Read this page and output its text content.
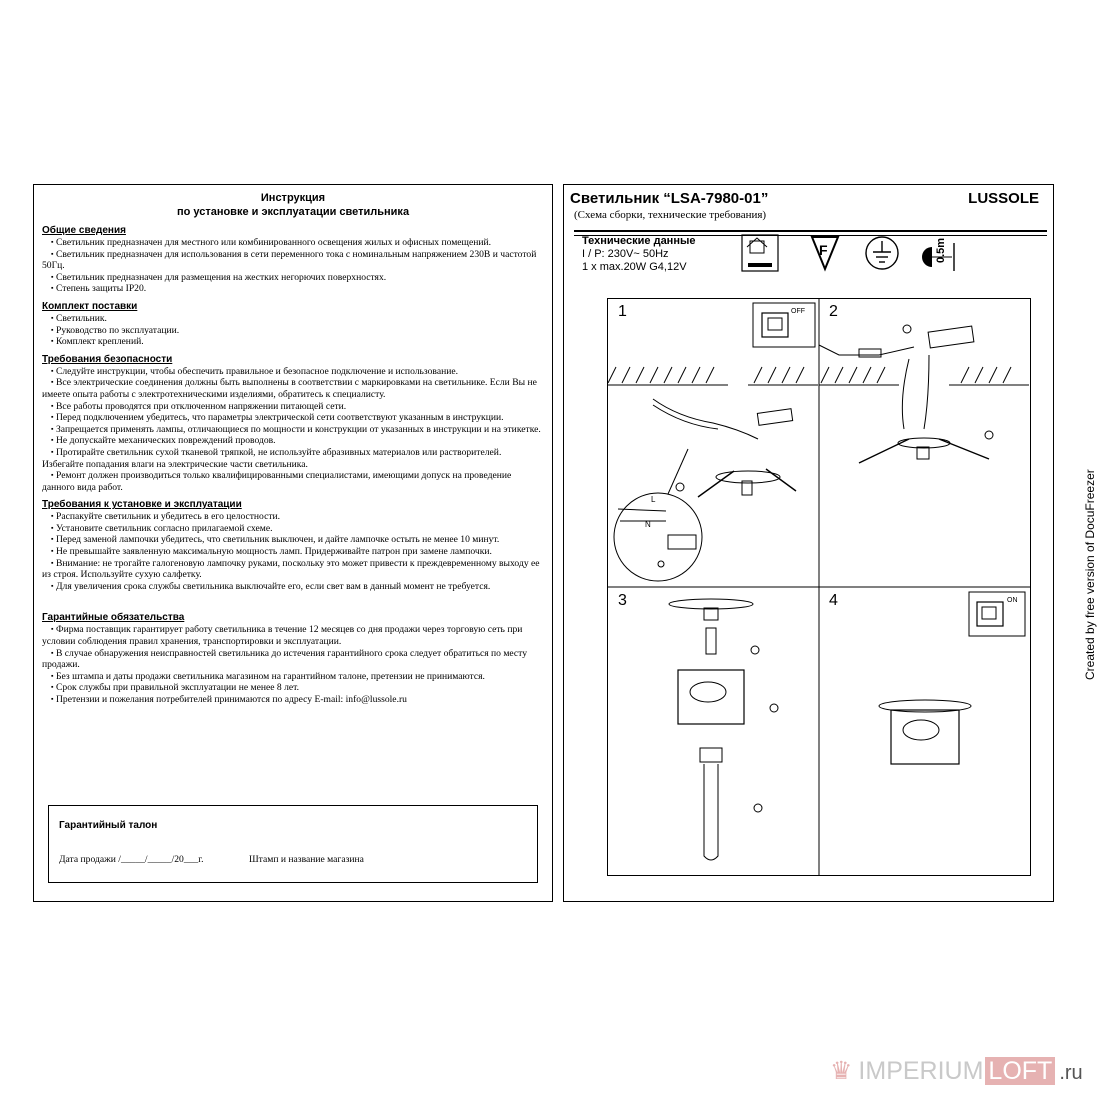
Инструкция
по установке и эксплуатации светильника
Общие сведения
▪ Светильник предназначен для местного или комбинированного освещения жилых и офисных помещений.
▪ Светильник предназначен для использования в сети переменного тока с номинальным напряжением 230В и частотой 50Гц.
▪ Светильник предназначен для размещения на жестких негорючих поверхностях.
▪ Степень защиты IP20.
Комплект поставки
▪ Светильник.
▪ Руководство по эксплуатации.
▪ Комплект креплений.
Требования безопасности
▪ Следуйте инструкции, чтобы обеспечить правильное и безопасное подключение и использование.
▪ Все электрические соединения должны быть выполнены в соответствии с маркировками на светильнике. Если Вы не имеете опыта работы с электротехническими изделиями, обратитесь к специалисту.
▪ Все работы проводятся при отключенном напряжении питающей сети.
▪ Перед подключением убедитесь, что параметры электрической сети соответствуют указанным в инструкции.
▪ Запрещается применять лампы, отличающиеся по мощности и конструкции от указанных в инструкции и на этикетке.
▪ Не допускайте механических повреждений проводов.
▪ Протирайте светильник сухой тканевой тряпкой, не используйте абразивных материалов или растворителей. Избегайте попадания влаги на электрические части светильника.
▪ Ремонт должен производиться только квалифицированными специалистами, имеющими допуск на проведение данного вида работ.
Требования к установке и эксплуатации
▪ Распакуйте светильник и убедитесь в его целостности.
▪ Установите светильник согласно прилагаемой схеме.
▪ Перед заменой лампочки убедитесь, что светильник выключен, и дайте лампочке остыть не менее 10 минут.
▪ Не превышайте заявленную максимальную мощность ламп. Придерживайте патрон при замене лампочки.
▪ Внимание: не трогайте галогеновую лампочку руками, поскольку это может привести к преждевременному выходу ее из строя. Используйте сухую салфетку.
▪ Для увеличения срока службы светильника выключайте его, если свет вам в данный момент не требуется.
Гарантийные обязательства
▪ Фирма поставщик гарантирует работу светильника в течение 12 месяцев со дня продажи через торговую сеть при условии соблюдения правил хранения, транспортировки и эксплуатации.
▪ В случае обнаружения неисправностей светильника до истечения гарантийного срока следует обратиться по месту продажи.
▪ Без штампа и даты продажи светильника магазином на гарантийном талоне, претензии не принимаются.
▪ Срок службы при правильной эксплуатации не менее 8 лет.
▪ Претензии и пожелания потребителей принимаются по адресу E-mail: info@lussole.ru
Гарантийный талон
Дата продажи /_____/_____/20___г.	Штамп и название магазина
Светильник “LSA-7980-01”	LUSSOLE
(Схема сборки, технические требования)
Технические данные
I / P: 230V~ 50Hz
1 x max.20W G4,12V
F	0.5m
1	OFF
L
N
2
3	4	ON	Created by free version of DocuFreezer
♛ IMPERIUM LOFT .ru
